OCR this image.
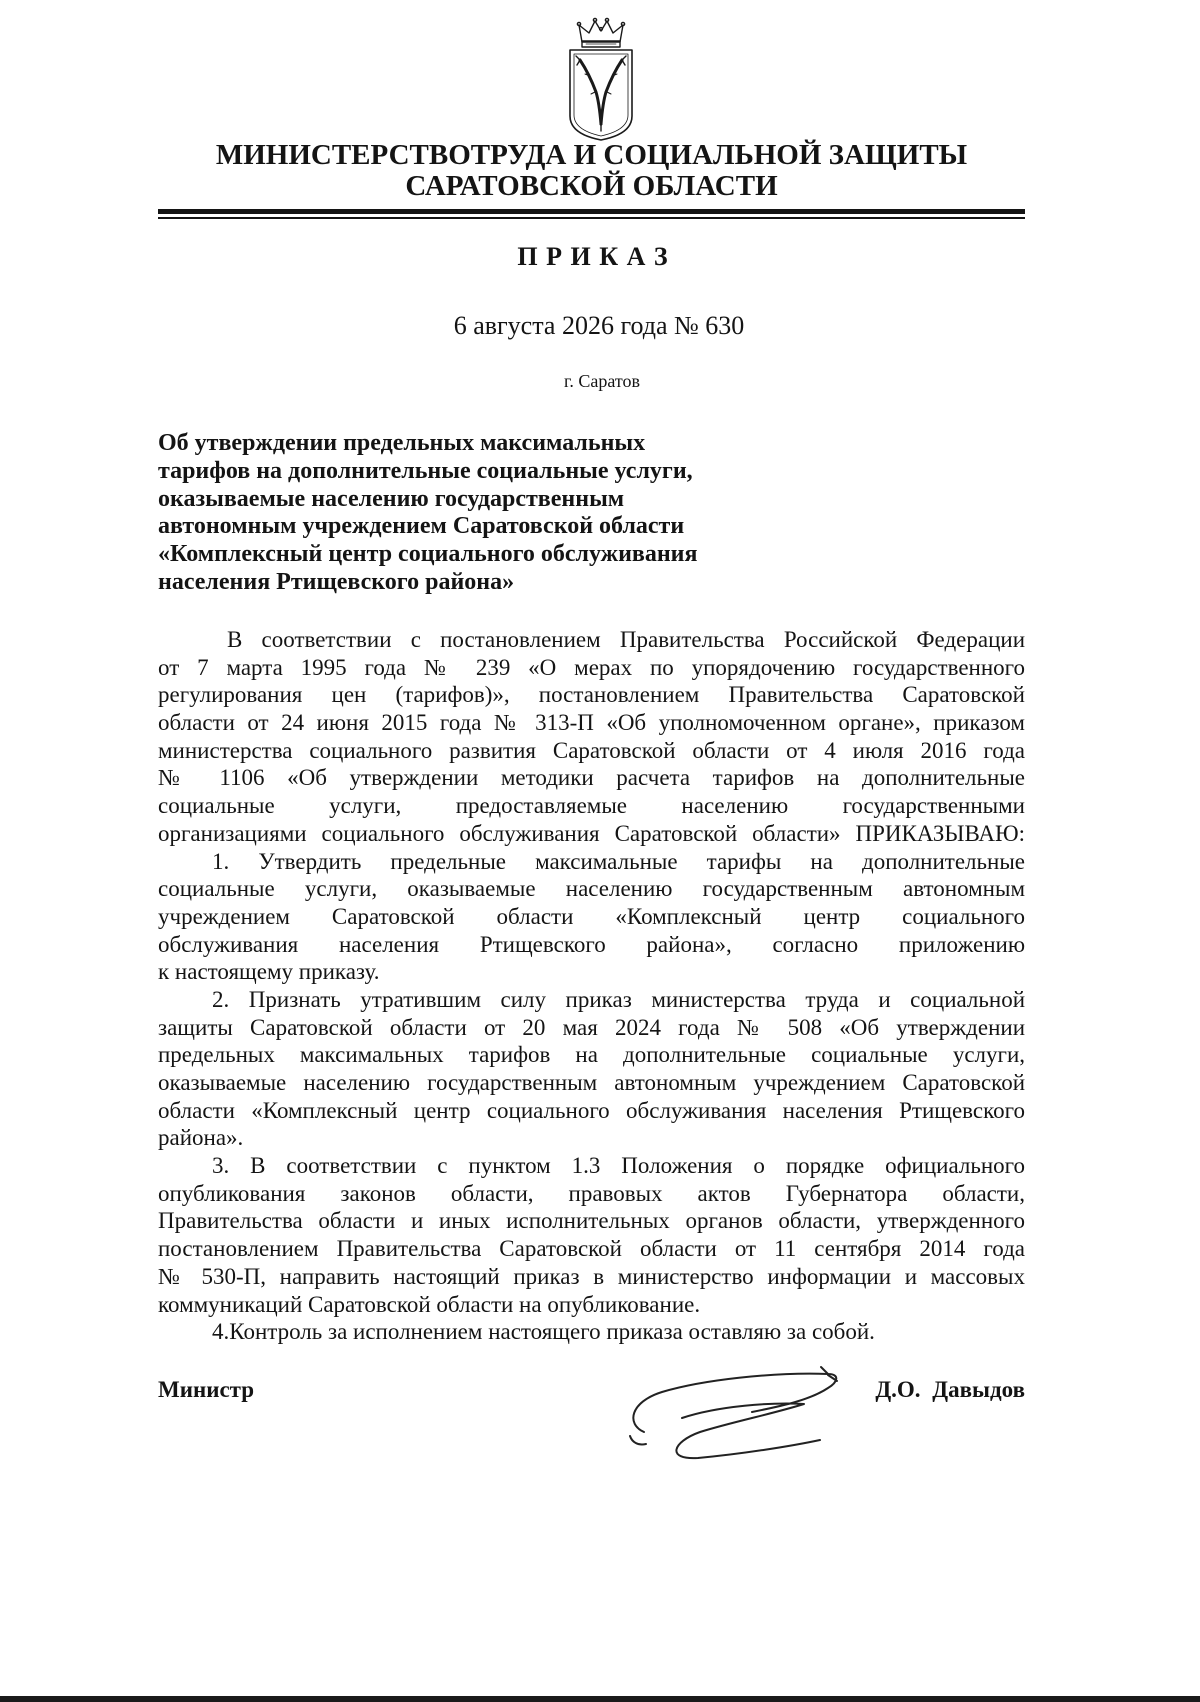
МИНИСТЕРСТВОТРУДА И СОЦИАЛЬНОЙ ЗАЩИТЫ
САРАТОВСКОЙ ОБЛАСТИ
П Р И К А З
6 августа 2026 года № 630
г. Саратов
Об утверждении предельных максимальных
тарифов на дополнительные социальные услуги,
оказываемые населению государственным
автономным учреждением Саратовской области
«Комплексный центр социального обслуживания
населения Ртищевского района»
В соответствии с постановлением Правительства Российской Федерации
от 7 марта 1995 года № 239 «О мерах по упорядочению государственного
регулирования цен (тарифов)», постановлением Правительства Саратовской
области от 24 июня 2015 года № 313-П «Об уполномоченном органе», приказом
министерства социального развития Саратовской области от 4 июля 2016 года
№ 1106 «Об утверждении методики расчета тарифов на дополнительные
социальные услуги, предоставляемые населению государственными
организациями социального обслуживания Саратовской области» ПРИКАЗЫВАЮ:
1. Утвердить предельные максимальные тарифы на дополнительные
социальные услуги, оказываемые населению государственным автономным
учреждением Саратовской области «Комплексный центр социального
обслуживания населения Ртищевского района», согласно приложению
к настоящему приказу.
2. Признать утратившим силу приказ министерства труда и социальной
защиты Саратовской области от 20 мая 2024 года № 508 «Об утверждении
предельных максимальных тарифов на дополнительные социальные услуги,
оказываемые населению государственным автономным учреждением Саратовской
области «Комплексный центр социального обслуживания населения Ртищевского
района».
3. В соответствии с пунктом 1.3 Положения о порядке официального
опубликования законов области, правовых актов Губернатора области,
Правительства области и иных исполнительных органов области, утвержденного
постановлением Правительства Саратовской области от 11 сентября 2014 года
№ 530-П, направить настоящий приказ в министерство информации и массовых
коммуникаций Саратовской области на опубликование.
4.Контроль за исполнением настоящего приказа оставляю за собой.
Министр	Д.О. Давыдов
